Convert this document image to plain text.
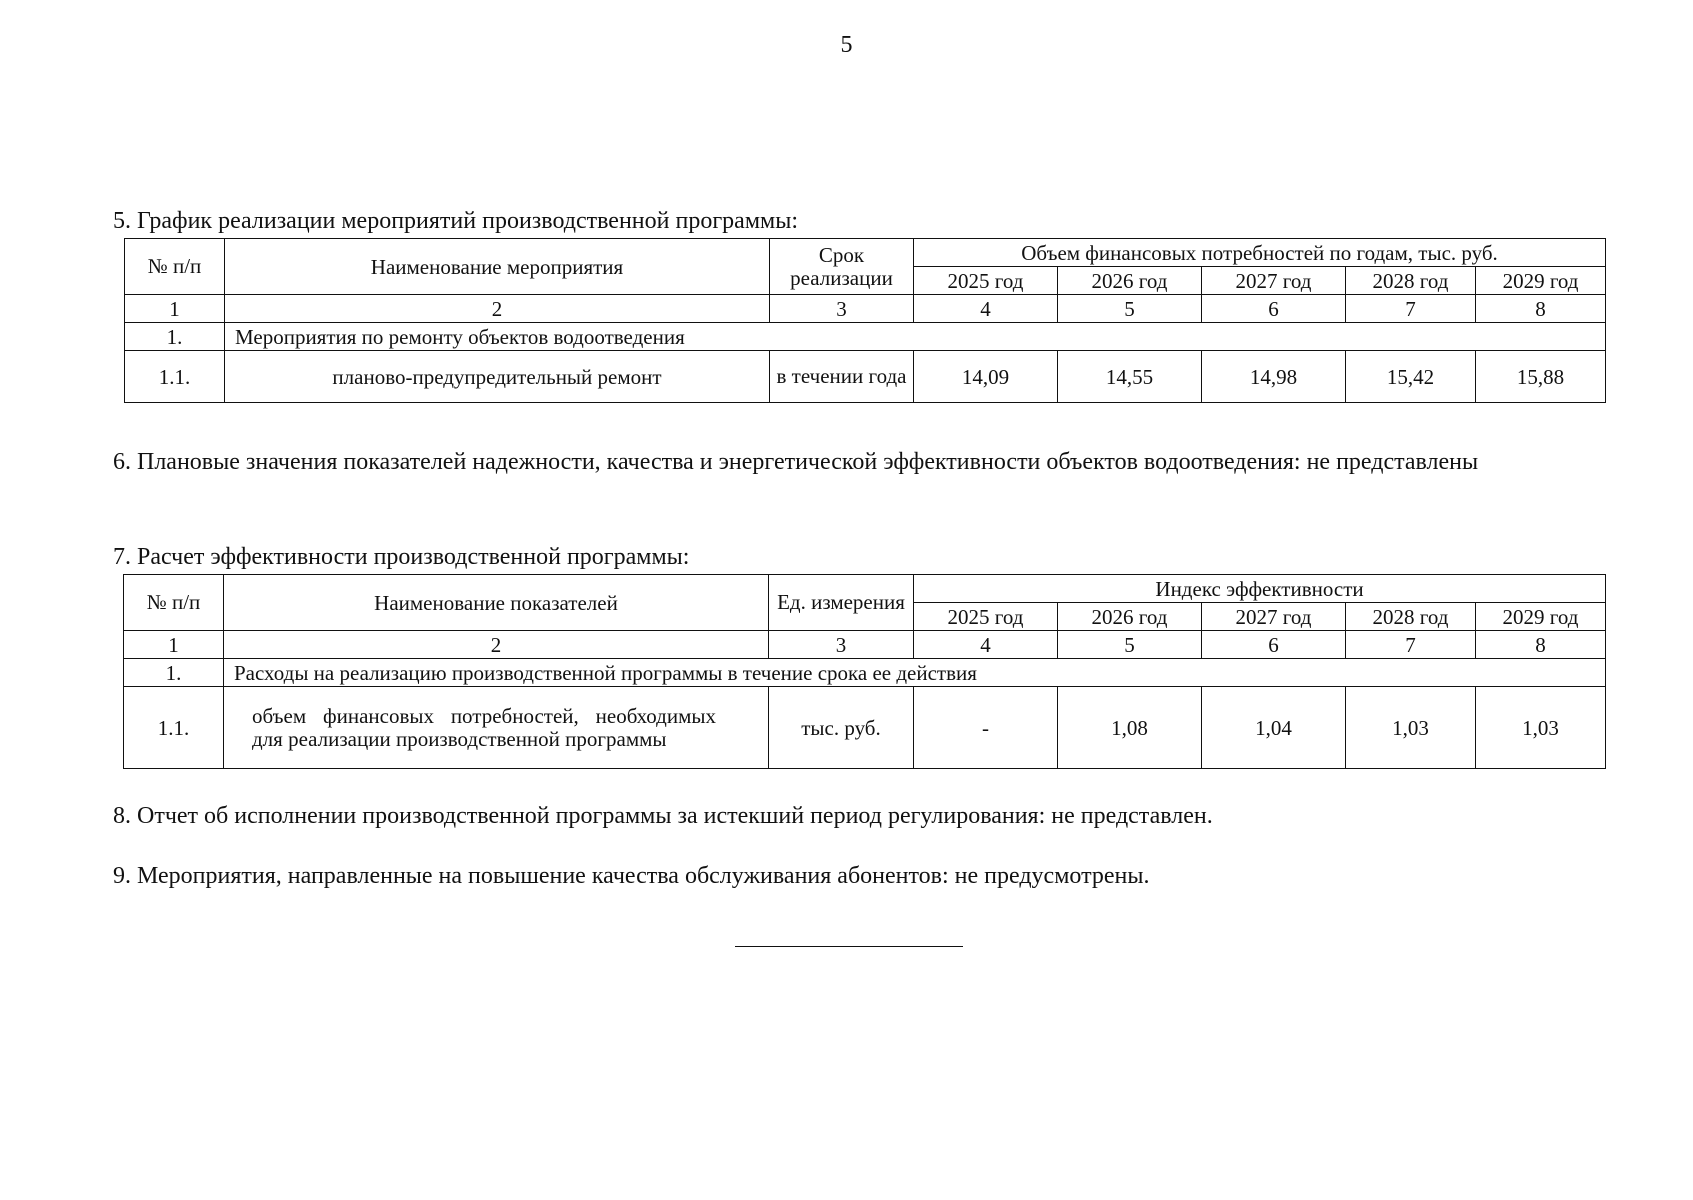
5
5. График реализации мероприятий производственной программы:
№ п/п	Наименование мероприятия	Срок реализации	Объем финансовых потребностей по годам, тыс. руб.				
			2025 год	2026 год	2027 год	2028 год	2029 год
1	2	3	4	5	6	7	8
1.	Мероприятия по ремонту объектов водоотведения						
1.1.	планово-предупредительный ремонт	в течении года	14,09	14,55	14,98	15,42	15,88
6. Плановые значения показателей надежности, качества и энергетической эффективности объектов водоотведения: не представлены
7. Расчет эффективности производственной программы:
№ п/п	Наименование показателей	Ед. измерения	Индекс эффективности				
			2025 год	2026 год	2027 год	2028 год	2029 год
1	2	3	4	5	6	7	8
1.	Расходы на реализацию производственной программы в течение срока ее действия						
1.1.	объем финансовых потребностей, необходимых для реализации производственной программы	тыс. руб.	-	1,08	1,04	1,03	1,03
8. Отчет об исполнении производственной программы за истекший период регулирования: не представлен.
9. Мероприятия, направленные на повышение качества обслуживания абонентов: не предусмотрены.
